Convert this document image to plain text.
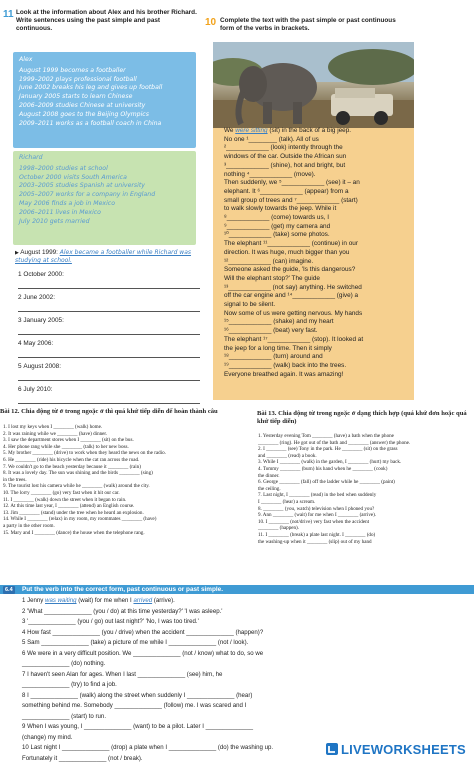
11 Look at the information about Alex and his brother Richard. Write sentences using the past simple and past continuous.
Alex
August 1999 becomes a footballer
1999–2002 plays professional football
June 2002 breaks his leg and gives up football
January 2005 starts to learn Chinese
2006–2009 studies Chinese at university
August 2008 goes to the Beijing Olympics
2009–2011 works as a football coach in China
Richard
1998–2000 studies at school
October 2000 visits South America
2003–2005 studies Spanish at university
2005–2007 works for a company in England
May 2006 finds a job in Mexico
2006–2011 lives in Mexico
July 2010 gets married
▶ August 1999: Alex became a footballer while Richard was studying at school.
1 October 2000:
2 June 2002:
3 January 2005:
4 May 2006:
5 August 2008:
6 July 2010:
10 Complete the text with the past simple or past continuous form of the verbs in brackets.
We were sitting (sit) in the back of a big jeep.
No one ¹________ (talk). All of us
²____________ (look) intently through the
windows of the car. Outside the African sun
³____________ (shine), hot and bright, but
nothing ⁴____________ (move).
Then suddenly, we ⁵____________ (see) it – an
elephant. It ⁶____________ (appear) from a
small group of trees and ⁷____________ (start)
to walk slowly towards the jeep. While it
⁸____________ (come) towards us, I
⁹____________ (get) my camera and
¹⁰____________ (take) some photos.
The elephant ¹¹____________ (continue) in our
direction. It was huge, much bigger than you
¹²____________ (can) imagine.
Someone asked the guide, 'Is this dangerous?
Will the elephant stop?' The guide
¹³____________ (not say) anything. He switched
off the car engine and ¹⁴____________ (give) a
signal to be silent.
Now some of us were getting nervous. My hands
¹⁵____________ (shake) and my heart
¹⁶____________ (beat) very fast.
The elephant ¹⁷____________ (stop). It looked at
the jeep for a long time. Then it simply
¹⁸____________ (turn) around and
¹⁹____________ (walk) back into the trees.
Everyone breathed again. It was amazing!
Bài 12. Chia động từ ở trong ngoặc ở thì quá khứ tiếp diễn để hoàn thành câu
1. I lost my keys when I ________ (walk) home.
2. It was raining while we ________ (have) dinner.
3. I saw the department stores when I ________ (sit) on the bus.
4. Her phone rang while she ________ (talk) to her new boss.
5. My brother ________ (drive) to work when they heard the news on the radio.
6. He ________ (ride) his bicycle when the cat ran across the road.
7. We couldn't go to the beach yesterday because it ________ (rain)
8. It was a lovely day. The sun was shining and the birds ________ (sing)
in the trees.
9. The tourist lost his camera while he ________ (walk) around the city.
10. The lorry ________ (go) very fast when it hit our car.
11. I ________ (walk) down the street when it began to rain.
12. At this time last year, I ________ (attend) an English course.
13. Jim ________ (stand) under the tree when he heard an explosion.
14. While I ________ (relax) in my room, my roommates ________ (have)
a party in the other room.
15. Mary and I ________ (dance) the house when the telephone rang.
Bài 13. Chia động từ trong ngoặc ở dạng thích hợp (quá khứ đơn hoặc quá khứ tiếp diễn)
1. Yesterday evening Tom ________ (have) a bath when the phone
________ (ring). He got out of the bath and ________ (answer) the phone.
2. I ________ (see) Tony in the park. He ________ (sit) on the grass
and ________ (read) a book.
3. While I ________ (walk) in the garden, I ________ (hurt) my back.
4. Tommy ________ (burn) his hand when he ________ (cook)
the dinner.
6. George ________ (fall) off the ladder while he ________ (paint)
the ceiling.
7. Last night, I ________ (read) in the bed when suddenly
I ________ (hear) a scream.
8. ________ (you, watch) television when I phoned you?
9. Ann ________ (wait) for me when I ________ (arrive).
10. I ________ (not/drive) very fast when the accident
________ (happen).
11. I ________ (break) a plate last night. I ________ (do)
the washing-up when it ________ (slip) out of my hand
6.4	Put the verb into the correct form, past continuous or past simple.
1 Jenny was waiting (wait) for me when I arrived (arrive).
2 'What ______________ (you / do) at this time yesterday?' 'I was asleep.'
3 '______________ (you / go) out last night?' 'No, I was too tired.'
4 How fast ______________ (you / drive) when the accident ______________ (happen)?
5 Sam ______________ (take) a picture of me while I ______________ (not / look).
6 We were in a very difficult position. We ______________ (not / know) what to do, so we
______________ (do) nothing.
7 I haven't seen Alan for ages. When I last ______________ (see) him, he
______________ (try) to find a job.
8 I ______________ (walk) along the street when suddenly I ______________ (hear)
something behind me. Somebody ______________ (follow) me. I was scared and I
______________ (start) to run.
9 When I was young, I ______________ (want) to be a pilot. Later I ______________
(change) my mind.
10 Last night I ______________ (drop) a plate when I ______________ (do) the washing up.
Fortunately it ______________ (not / break).
LIVEWORKSHEETS
